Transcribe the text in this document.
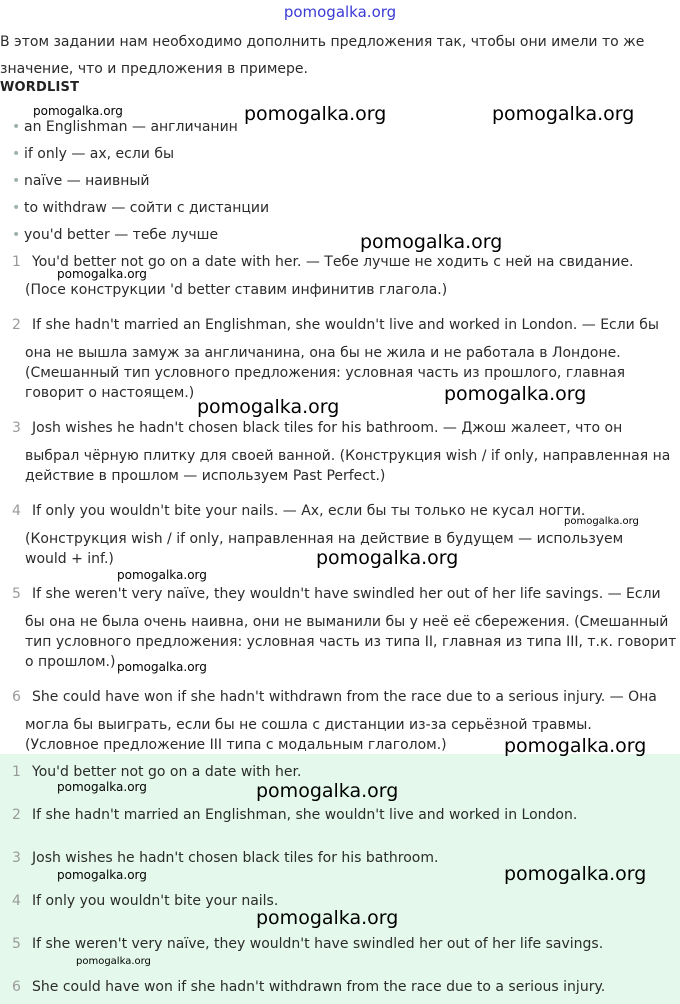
pomogalka.org
В этом задании нам необходимо дополнить предложения так, чтобы они имели то же значение, что и предложения в примере.
WORDLIST
• an Englishman — англичанин
• if only — ах, если бы
• naïve — наивный
• to withdraw — сойти с дистанции
• you'd better — тебе лучше
1 You'd better not go on a date with her. — Тебе лучше не ходить с ней на свидание.
(Посе конструкции 'd better ставим инфинитив глагола.)
2 If she hadn't married an Englishman, she wouldn't live and worked in London. — Если бы
она не вышла замуж за англичанина, она бы не жила и не работала в Лондоне.
(Смешанный тип условного предложения: условная часть из прошлого, главная
говорит о настоящем.)
3 Josh wishes he hadn't chosen black tiles for his bathroom. — Джош жалеет, что он
выбрал чёрную плитку для своей ванной. (Конструкция wish / if only, направленная на
действие в прошлом — используем Past Perfect.)
4 If only you wouldn't bite your nails. — Ах, если бы ты только не кусал ногти.
(Конструкция wish / if only, направленная на действие в будущем — используем
would + inf.)
5 If she weren't very naïve, they wouldn't have swindled her out of her life savings. — Если
бы она не была очень наивна, они не выманили бы у неё её сбережения. (Смешанный
тип условного предложения: условная часть из типа II, главная из типа III, т.к. говорит
о прошлом.)
6 She could have won if she hadn't withdrawn from the race due to a serious injury. — Она
могла бы выиграть, если бы не сошла с дистанции из-за серьёзной травмы.
(Условное предложение III типа с модальным глаголом.)
1 You'd better not go on a date with her.
2 If she hadn't married an Englishman, she wouldn't live and worked in London.
3 Josh wishes he hadn't chosen black tiles for his bathroom.
4 If only you wouldn't bite your nails.
5 If she weren't very naïve, they wouldn't have swindled her out of her life savings.
6 She could have won if she hadn't withdrawn from the race due to a serious injury.
pomogalka.org	pomogalka.org	pomogalka.org
pomogalka.org
pomogalka.org
pomogalka.org
pomogalka.org
pomogalka.org
pomogalka.org
pomogalka.org
pomogalka.org
pomogalka.org
pomogalka.org	pomogalka.org
pomogalka.org	pomogalka.org
pomogalka.org
pomogalka.org
